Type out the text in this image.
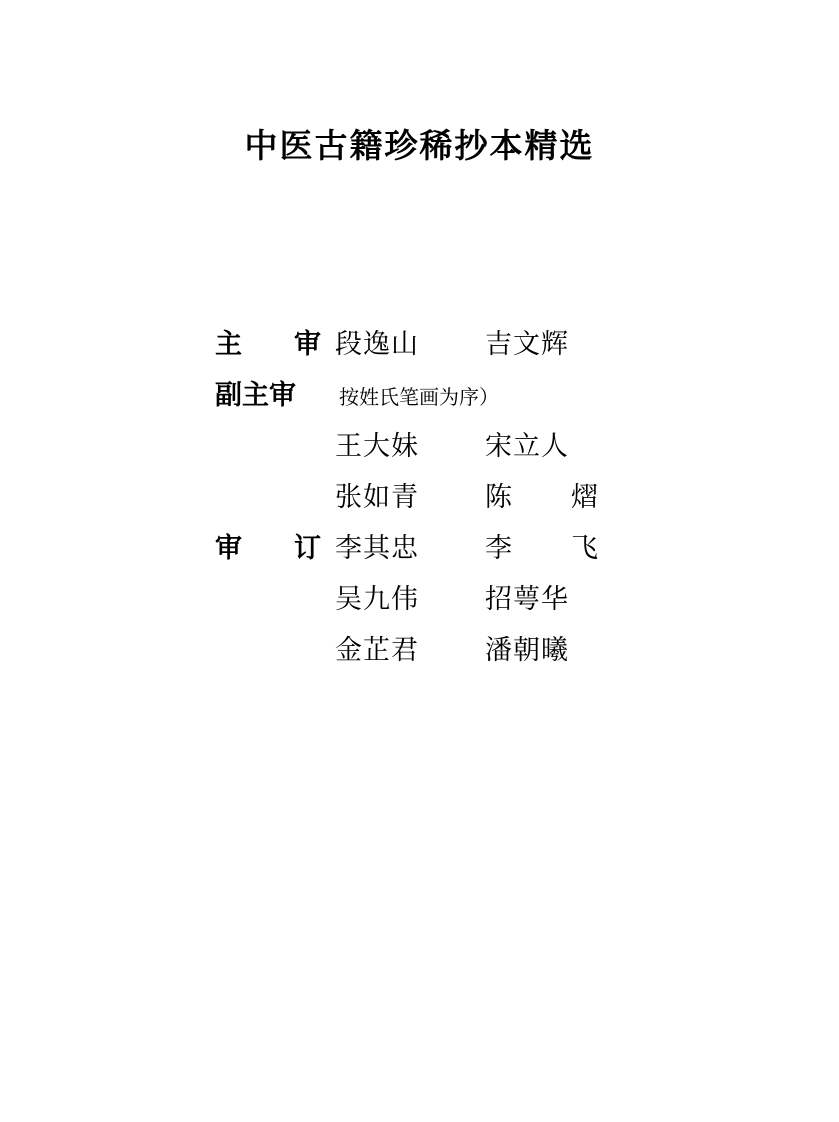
中医古籍珍稀抄本精选
主 审 段逸山	吉文辉
副主审	按姓氏笔画为序）
王大妹	宋立人
张如青	陈 熠
审 订 李其忠	李 飞
吴九伟	招萼华
金芷君	潘朝曦
